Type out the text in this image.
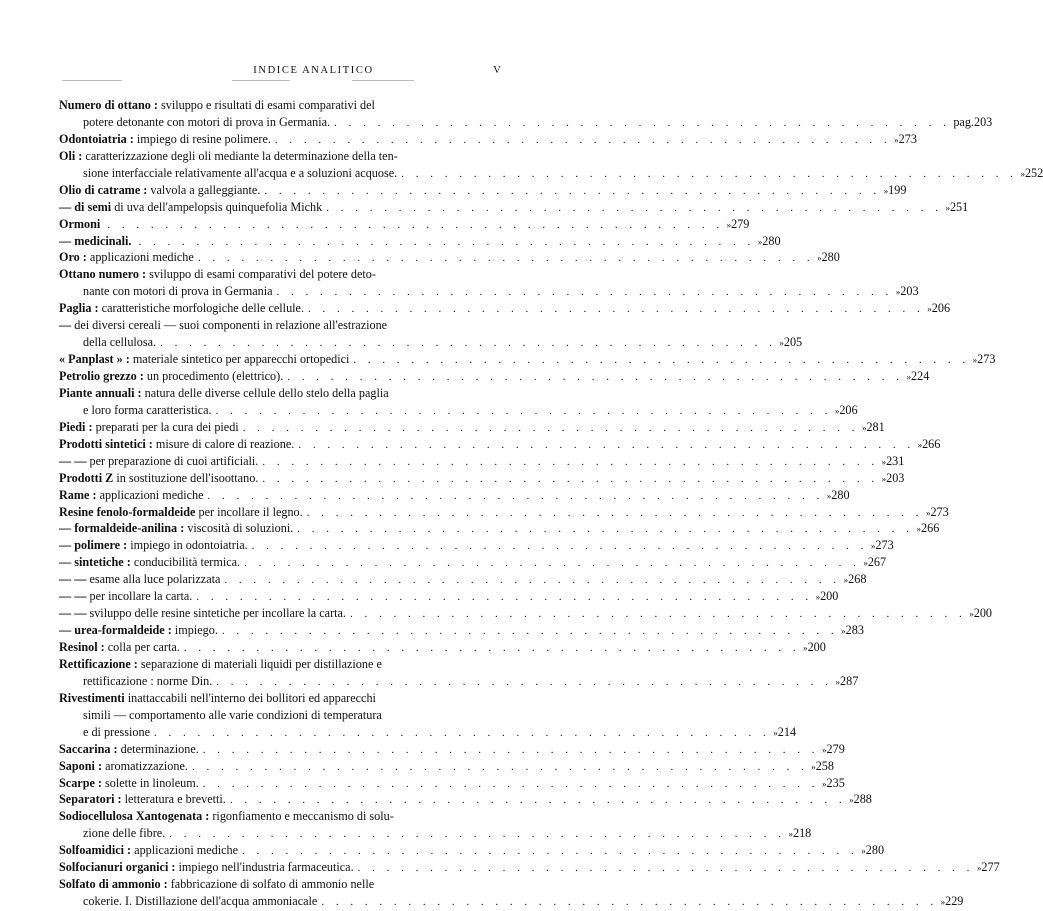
INDICE ANALITICO	V
Numero di ottano :
sviluppo e risultati di esami comparativi del
potere detonante con motori di prova in Germania. . . . . . . . . . . . . . . . . . . . . . . . . . . . . . . . . . . . . . . . . . . . pag. 203
Odontoiatria :
impiego di resine polimere. . . . . . . . . . . . . . . . . . . . . . . . . . . . . . . . . . . . . . . . . . . . » 273
Oli :
caratterizzazione degli oli mediante la determinazione della ten-
sione interfacciale relativamente all'acqua e a soluzioni acquose. . . . . . . . . . . . . . . . . . . . . . . . . . . . . . . . . . . . . . . . . . . . » 252
Olio di catrame :
valvola a galleggiante. . . . . . . . . . . . . . . . . . . . . . . . . . . . . . . . . . . . . . . . . . . . » 199
— di semi
di uva dell'ampelopsis quinquefolia Michk . . . . . . . . . . . . . . . . . . . . . . . . . . . . . . . . . . . . . . . . . . . » 251
Ormoni
. . . . . . . . . . . . . . . . . . . . . . . . . . . . . . . . . . . . . . . . . . . » 279
— medicinali.
. . . . . . . . . . . . . . . . . . . . . . . . . . . . . . . . . . . . . . . . . . . » 280
Oro :
applicazioni mediche . . . . . . . . . . . . . . . . . . . . . . . . . . . . . . . . . . . . . . . . . . . » 280
Ottano numero :
sviluppo di esami comparativi del potere deto-
nante con motori di prova in Germania . . . . . . . . . . . . . . . . . . . . . . . . . . . . . . . . . . . . . . . . . . . » 203
Paglia :
caratteristiche morfologiche delle cellule. . . . . . . . . . . . . . . . . . . . . . . . . . . . . . . . . . . . . . . . . . . . » 206
—
dei diversi cereali — suoi componenti in relazione all'estrazione
della cellulosa. . . . . . . . . . . . . . . . . . . . . . . . . . . . . . . . . . . . . . . . . . . . » 205
« Panplast » :
materiale sintetico per apparecchi ortopedici . . . . . . . . . . . . . . . . . . . . . . . . . . . . . . . . . . . . . . . . . . . » 273
Petrolio grezzo :
un procedimento (elettrico). . . . . . . . . . . . . . . . . . . . . . . . . . . . . . . . . . . . . . . . . . . . » 224
Piante annuali :
natura delle diverse cellule dello stelo della paglia
e loro forma caratteristica. . . . . . . . . . . . . . . . . . . . . . . . . . . . . . . . . . . . . . . . . . . . » 206
Piedi :
preparati per la cura dei piedi . . . . . . . . . . . . . . . . . . . . . . . . . . . . . . . . . . . . . . . . . . . » 281
Prodotti sintetici :
misure di calore di reazione. . . . . . . . . . . . . . . . . . . . . . . . . . . . . . . . . . . . . . . . . . . . » 266
— —
per preparazione di cuoi artificiali. . . . . . . . . . . . . . . . . . . . . . . . . . . . . . . . . . . . . . . . . . . . » 231
Prodotti Z
in sostituzione dell'isoottano. . . . . . . . . . . . . . . . . . . . . . . . . . . . . . . . . . . . . . . . . . . . » 203
Rame :
applicazioni mediche . . . . . . . . . . . . . . . . . . . . . . . . . . . . . . . . . . . . . . . . . . . » 280
Resine fenolo-formaldeide
per incollare il legno. . . . . . . . . . . . . . . . . . . . . . . . . . . . . . . . . . . . . . . . . . . . » 273
— formaldeide-anilina :
viscosità di soluzioni. . . . . . . . . . . . . . . . . . . . . . . . . . . . . . . . . . . . . . . . . . . . » 266
— polimere :
impiego in odontoiatria. . . . . . . . . . . . . . . . . . . . . . . . . . . . . . . . . . . . . . . . . . . . » 273
— sintetiche :
conducibilità termica. . . . . . . . . . . . . . . . . . . . . . . . . . . . . . . . . . . . . . . . . . . . » 267
— —
esame alla luce polarizzata . . . . . . . . . . . . . . . . . . . . . . . . . . . . . . . . . . . . . . . . . . . » 268
— —
per incollare la carta. . . . . . . . . . . . . . . . . . . . . . . . . . . . . . . . . . . . . . . . . . . . » 200
— —
sviluppo delle resine sintetiche per incollare la carta. . . . . . . . . . . . . . . . . . . . . . . . . . . . . . . . . . . . . . . . . . . . » 200
— urea-formaldeide :
impiego. . . . . . . . . . . . . . . . . . . . . . . . . . . . . . . . . . . . . . . . . . . . » 283
Resinol :
colla per carta. . . . . . . . . . . . . . . . . . . . . . . . . . . . . . . . . . . . . . . . . . . . » 200
Rettificazione :
separazione di materiali liquidi per distillazione e
rettificazione : norme Din. . . . . . . . . . . . . . . . . . . . . . . . . . . . . . . . . . . . . . . . . . . . » 287
Rivestimenti
inattaccabili nell'interno dei bollitori ed apparecchi
simili — comportamento alle varie condizioni di temperatura
e di pressione . . . . . . . . . . . . . . . . . . . . . . . . . . . . . . . . . . . . . . . . . . . » 214
Saccarina :
determinazione. . . . . . . . . . . . . . . . . . . . . . . . . . . . . . . . . . . . . . . . . . . . » 279
Saponi :
aromatizzazione. . . . . . . . . . . . . . . . . . . . . . . . . . . . . . . . . . . . . . . . . . . . » 258
Scarpe :
solette in linoleum. . . . . . . . . . . . . . . . . . . . . . . . . . . . . . . . . . . . . . . . . . . . » 235
Separatori :
letteratura e brevetti. . . . . . . . . . . . . . . . . . . . . . . . . . . . . . . . . . . . . . . . . . . . » 288
Sodiocellulosa Xantogenata :
rigonfiamento e meccanismo di solu-
zione delle fibre. . . . . . . . . . . . . . . . . . . . . . . . . . . . . . . . . . . . . . . . . . . . » 218
Solfoamidici :
applicazioni mediche . . . . . . . . . . . . . . . . . . . . . . . . . . . . . . . . . . . . . . . . . . . » 280
Solfocianuri organici :
impiego nell'industria farmaceutica. . . . . . . . . . . . . . . . . . . . . . . . . . . . . . . . . . . . . . . . . . . . » 277
Solfato di ammonio :
fabbricazione di solfato di ammonio nelle
cokerie. I. Distillazione dell'acqua ammoniacale . . . . . . . . . . . . . . . . . . . . . . . . . . . . . . . . . . . . . . . . . . . » 229
